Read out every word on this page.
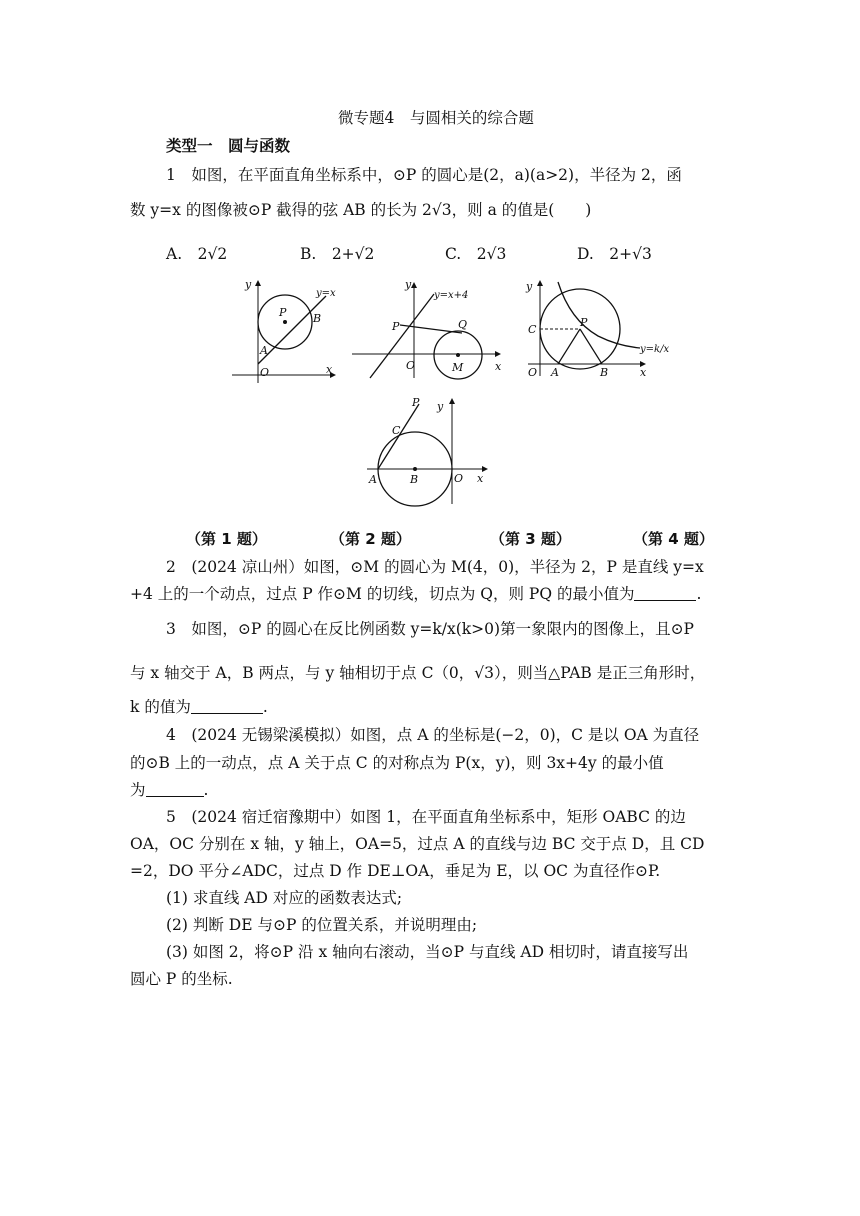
微专题4　与圆相关的综合题
类型一　圆与函数
1　如图，在平面直角坐标系中，⊙P 的圆心是(2，a)(a>2)，半径为 2，函
数 y=x 的图像被⊙P 截得的弦 AB 的长为 2√3，则 a 的值是(　　)
A.　2√2	B.　2+√2	C.　2√3	D.　2+√3
y
x
O
P B
A
y=x
y
x
O
P	Q
M
y=x+4
y
x
O
P
C
A	B
y=k/x
y
x
O
P
C
A	B
（第 1 题）	（第 2 题）	（第 3 题）	（第 4 题）
2　(2024 凉山州）如图，⊙M 的圆心为 M(4，0)，半径为 2，P 是直线 y=x
+4 上的一个动点，过点 P 作⊙M 的切线，切点为 Q，则 PQ 的最小值为	.
3　如图，⊙P 的圆心在反比例函数 y=k/x(k>0)第一象限内的图像上，且⊙P
与 x 轴交于 A，B 两点，与 y 轴相切于点 C（0，√3），则当△PAB 是正三角形时，
k 的值为	.
4　(2024 无锡梁溪模拟）如图，点 A 的坐标是(−2，0)，C 是以 OA 为直径
的⊙B 上的一动点，点 A 关于点 C 的对称点为 P(x，y)，则 3x+4y 的最小值
为	.
5　(2024 宿迁宿豫期中）如图 1，在平面直角坐标系中，矩形 OABC 的边
OA，OC 分别在 x 轴，y 轴上，OA=5，过点 A 的直线与边 BC 交于点 D，且 CD
=2，DO 平分∠ADC，过点 D 作 DE⊥OA，垂足为 E，以 OC 为直径作⊙P.
(1) 求直线 AD 对应的函数表达式;
(2) 判断 DE 与⊙P 的位置关系，并说明理由;
(3) 如图 2，将⊙P 沿 x 轴向右滚动，当⊙P 与直线 AD 相切时，请直接写出
圆心 P 的坐标.
